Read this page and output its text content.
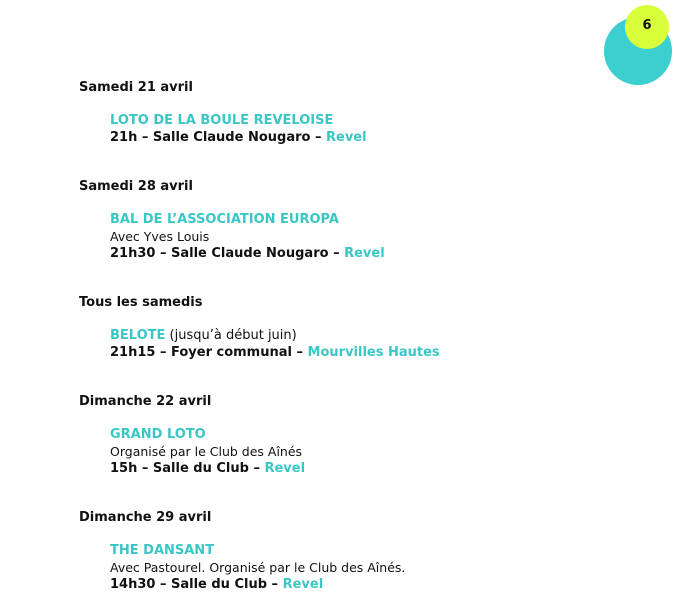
6
Samedi 21 avril
LOTO DE LA BOULE REVELOISE
21h – Salle Claude Nougaro – Revel
Samedi 28 avril
BAL DE L’ASSOCIATION EUROPA
Avec Yves Louis
21h30 – Salle Claude Nougaro – Revel
Tous les samedis
BELOTE (jusqu’à début juin)
21h15 – Foyer communal – Mourvilles Hautes
Dimanche 22 avril
GRAND LOTO
Organisé par le Club des Aînés
15h – Salle du Club – Revel
Dimanche 29 avril
THE DANSANT
Avec Pastourel. Organisé par le Club des Aînés.
14h30 – Salle du Club – Revel
